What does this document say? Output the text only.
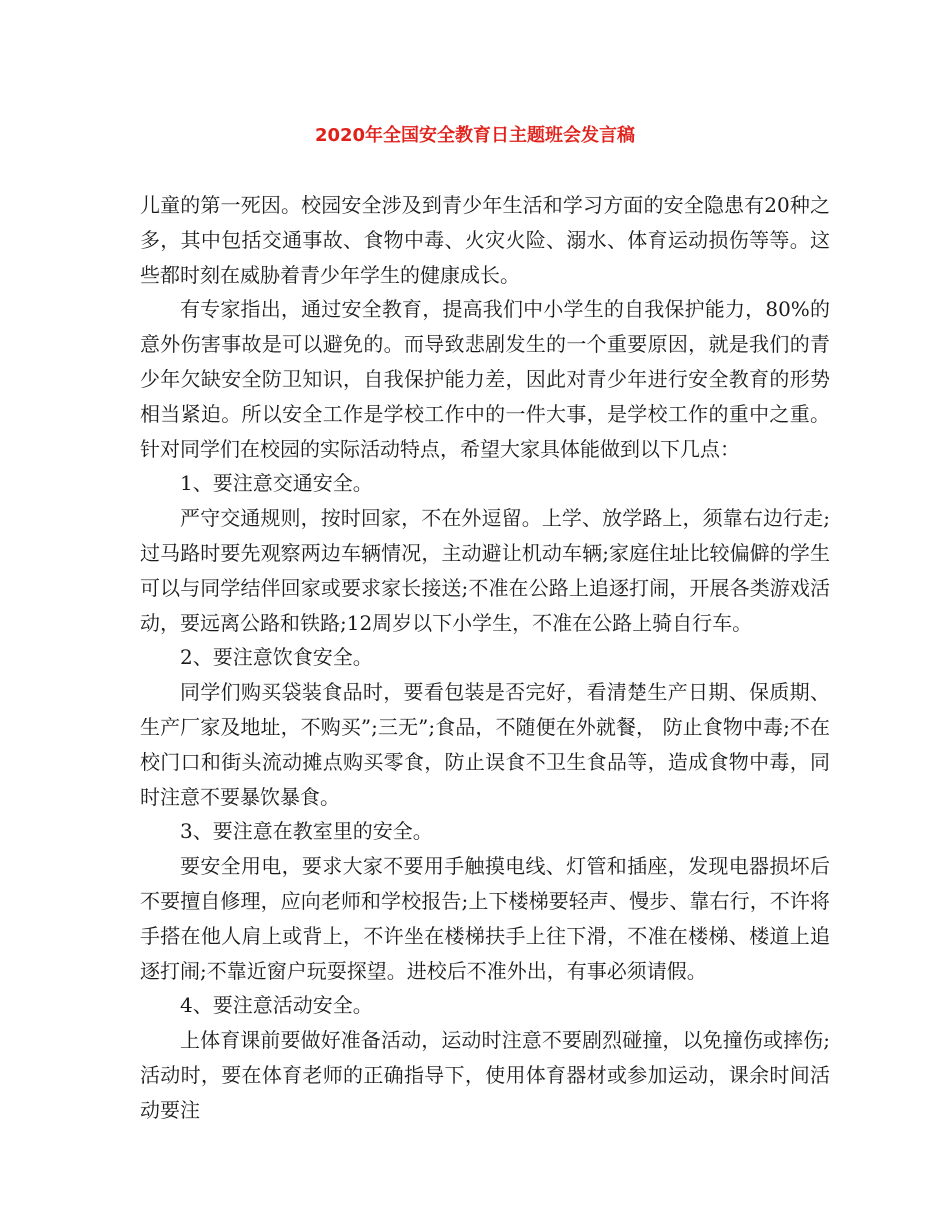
2020年全国安全教育日主题班会发言稿

儿童的第一死因。校园安全涉及到青少年生活和学习方面的安全隐患有20种之多，其中包括交通事故、食物中毒、火灾火险、溺水、体育运动损伤等等。这些都时刻在威胁着青少年学生的健康成长。

有专家指出，通过安全教育，提高我们中小学生的自我保护能力，80%的意外伤害事故是可以避免的。而导致悲剧发生的一个重要原因，就是我们的青少年欠缺安全防卫知识，自我保护能力差，因此对青少年进行安全教育的形势相当紧迫。所以安全工作是学校工作中的一件大事，是学校工作的重中之重。针对同学们在校园的实际活动特点，希望大家具体能做到以下几点：

1、要注意交通安全。

严守交通规则，按时回家，不在外逗留。上学、放学路上，须靠右边行走;过马路时要先观察两边车辆情况，主动避让机动车辆;家庭住址比较偏僻的学生可以与同学结伴回家或要求家长接送;不准在公路上追逐打闹，开展各类游戏活动，要远离公路和铁路;12周岁以下小学生，不准在公路上骑自行车。

2、要注意饮食安全。

同学们购买袋装食品时，要看包装是否完好，看清楚生产日期、保质期、生产厂家及地址，不购买”;三无”;食品，不随便在外就餐， 防止食物中毒;不在校门口和街头流动摊点购买零食，防止误食不卫生食品等，造成食物中毒，同时注意不要暴饮暴食。

3、要注意在教室里的安全。

要安全用电，要求大家不要用手触摸电线、灯管和插座，发现电器损坏后不要擅自修理，应向老师和学校报告;上下楼梯要轻声、慢步、靠右行，不许将手搭在他人肩上或背上，不许坐在楼梯扶手上往下滑，不准在楼梯、楼道上追逐打闹;不靠近窗户玩耍探望。进校后不准外出，有事必须请假。

4、要注意活动安全。

上体育课前要做好准备活动，运动时注意不要剧烈碰撞，以免撞伤或摔伤;活动时，要在体育老师的正确指导下，使用体育器材或参加运动，课余时间活动要注
